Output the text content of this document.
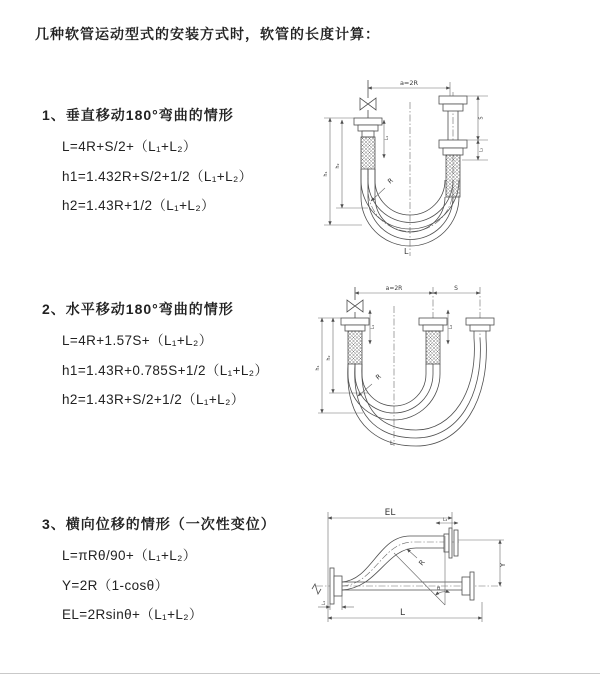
几种软管运动型式的安装方式时，软管的长度计算：
1、垂直移动180°弯曲的情形
L=4R+S/2+（L₁+L₂）
h1=1.432R+S/2+1/2（L₁+L₂）
h2=1.43R+1/2（L₁+L₂）
2、水平移动180°弯曲的情形
L=4R+1.57S+（L₁+L₂）
h1=1.43R+0.785S+1/2（L₁+L₂）
h2=1.43R+S/2+1/2（L₁+L₂）
3、横向位移的情形（一次性变位）
L=πRθ/90+（L₁+L₂）
Y=2R（1-cosθ）
EL=2Rsinθ+（L₁+L₂）
a=2R
h₁
h₂
L₁
S
L₂
R
L
a=2R	S
h₁
h₂
L₁	L₂
R
L
θ
EL
L₂
Y
L
L₁
R
